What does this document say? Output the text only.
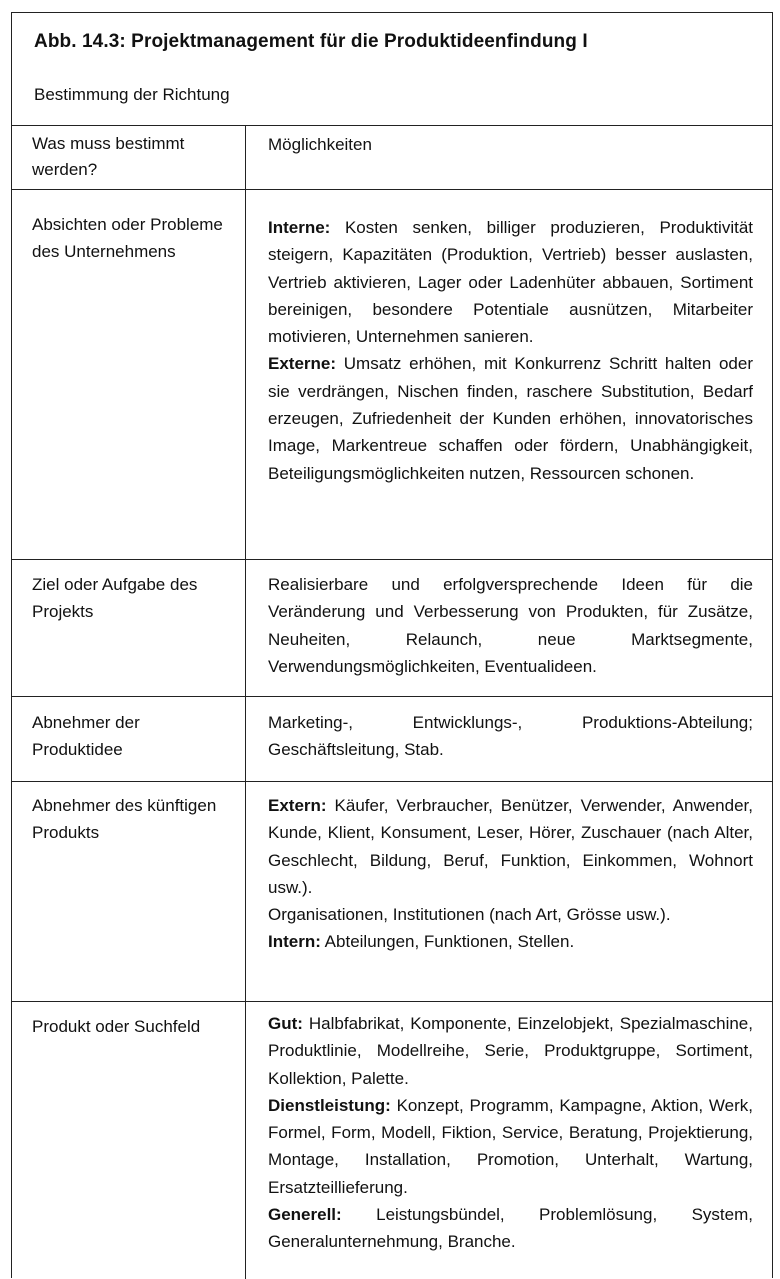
Abb. 14.3: Projektmanagement für die Produktideenfindung I
Bestimmung der Richtung
Was muss bestimmt werden?
Möglichkeiten
Absichten oder Probleme des Unternehmens

Interne: Kosten senken, billiger produzieren, Produktivität steigern, Kapazitäten (Produktion, Vertrieb) besser auslasten, Vertrieb aktivieren, Lager oder Ladenhüter abbauen, Sortiment bereinigen, besondere Potentiale ausnützen, Mitarbeiter motivieren, Unternehmen sanieren.

Externe: Umsatz erhöhen, mit Konkurrenz Schritt halten oder sie verdrängen, Nischen finden, raschere Substitution, Bedarf erzeugen, Zufriedenheit der Kunden erhöhen, innovatorisches Image, Markentreue schaffen oder fördern, Unabhängigkeit, Beteiligungsmöglichkeiten nutzen, Ressourcen schonen.

Ziel oder Aufgabe des Projekts

Realisierbare und erfolgversprechende Ideen für die Veränderung und Verbesserung von Produkten, für Zusätze, Neuheiten, Relaunch, neue Marktsegmente, Verwendungsmöglichkeiten, Eventualideen.

Abnehmer der Produktidee

Marketing-, Entwicklungs-, Produktions-Abteilung; Geschäftsleitung, Stab.

Abnehmer des künftigen Produkts

Extern: Käufer, Verbraucher, Benützer, Verwender, Anwender, Kunde, Klient, Konsument, Leser, Hörer, Zuschauer (nach Alter, Geschlecht, Bildung, Beruf, Funktion, Einkommen, Wohnort usw.).

Organisationen, Institutionen (nach Art, Grösse usw.).

Intern: Abteilungen, Funktionen, Stellen.

Produkt oder Suchfeld	Gut: Halbfabrikat, Komponente, Einzelobjekt, Spezialmaschine, Produktlinie, Modellreihe, Serie, Produktgruppe, Sortiment, Kollektion, Palette.

Dienstleistung: Konzept, Programm, Kampagne, Aktion, Werk, Formel, Form, Modell, Fiktion, Service, Beratung, Projektierung, Montage, Installation, Promotion, Unterhalt, Wartung, Ersatzteillieferung.

Generell: Leistungsbündel, Problemlösung, System, Generalunternehmung, Branche.
